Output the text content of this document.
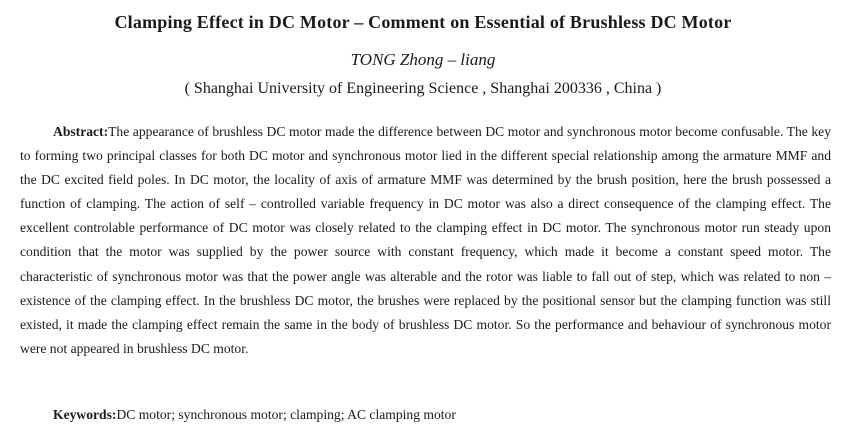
Clamping Effect in DC Motor – Comment on Essential of Brushless DC Motor
TONG Zhong – liang
( Shanghai University of Engineering Science , Shanghai 200336 , China )

Abstract:The appearance of brushless DC motor made the difference between DC motor and synchronous motor become confusable. The key to forming two principal classes for both DC motor and synchronous motor lied in the different special relationship among the armature MMF and the DC excited field poles. In DC motor, the locality of axis of armature MMF was determined by the brush position, here the brush possessed a function of clamping. The action of self – controlled variable frequency in DC motor was also a direct consequence of the clamping effect. The excellent controlable performance of DC motor was closely related to the clamping effect in DC motor. The synchronous motor run steady upon condition that the motor was supplied by the power source with constant frequency, which made it become a constant speed motor. The characteristic of synchronous motor was that the power angle was alterable and the rotor was liable to fall out of step, which was related to non – existence of the clamping effect. In the brushless DC motor, the brushes were replaced by the positional sensor but the clamping function was still existed, it made the clamping effect remain the same in the body of brushless DC motor. So the performance and behaviour of synchronous motor were not appeared in brushless DC motor.

Keywords:DC motor; synchronous motor; clamping; AC clamping motor
